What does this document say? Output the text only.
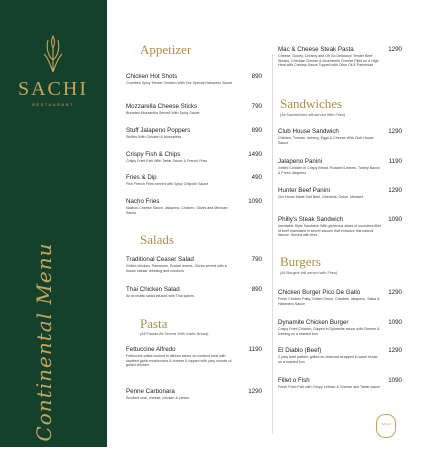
SACHI
RESTAURANT
Continental Menu
Appetizer
Chicken Hot Shots	890
Crumbed Spicy Tender Chicken With Our Special Habanero Sauce
Mozzarella Cheese Sticks	790
Breaded Mozzarella Served With Spicy Sauce
Stuff Jalapeno Poppers	890
Stuffed With Chicken & Mozzarella
Crispy Fish & Chips	1490
Crispy Fried Fish With Tartar Sauce & French Fries
Fries & Dip	490
Fish French Fries served with Spicy Chipotle Sauce
Nacho Fries	1090
Nachos Cheese Sauce, Jalapeno, Chicken, Olives and Mexican Sauce
Salads
Traditional Ceaser Salad	790
Grilled chicken, Parmesan, Rocket leaves, Olives served with a house caesar dressing and croutons
Thai Chicken Salad	890
An aromatic salad infused with Thai spices.
Pasta
(All Pastas All Served With Garlic Bread)
Fettuccine Alfredo	1190
Fettuccine pasta cooked in alfredo sauce on medium heat with sautéed garlic mushrooms & cheese & topped with juicy chunks of grilled chicken
Penne Carbonara	1290
Smoked veal, cheese, chicken & cream.
Mac & Cheese Steak Pasta	1290
Cheese, Gooey, Creamy and Oh So Delicious! Tender Beef Steaks, Cheddar Cheese & Mozzarella Cheese Piled on a High Heat with Creamy Sauce Topped with Olive Oil & Parmesan
Sandwiches
(All Sandwiches will served With Fries)
Club House Sandwich	1290
Chicken, Tomato, Iceberg, Eggs & Cheese With Club House Sauce
Jalapeno Panini	1190
Grilled Chicken in Crispy Bread, Roasted Leaves, Turkey Bacon & Fresh Jalapeno
Hunter Beef Panini	1290
Our Home Made Salt Beef, Gherkins, Onion, Mustard
Philly's Steak Sandwich	1090
Immitable Style Sandwich With generous slices of succulent fillet of beef marinated in secret sauces that enhance this natural flavour. Served with fries
Burgers
(All Burgers will served with Fries)
Chicken Burger Pico De Gallo	1290
Fresh Chicken Patty, Grilled Onion, Cheddar, Jalapeno, Salsa & Habanero Sauce
Dynamite Chicken Burger	1090
Crispy Fried Chicken, Dipped in Dynamite sauce with Cheese & Iceberg on a toasted bun
El Diablo (Beef)	1290
2 juicy beef patties, grilled on charcoal wrapped in warm bread on a toasted bun
Fillet o Fish	1090
Fresh Fried Fish with Crispy Lettuce & Cheese and Tartar sauce
SACHI
